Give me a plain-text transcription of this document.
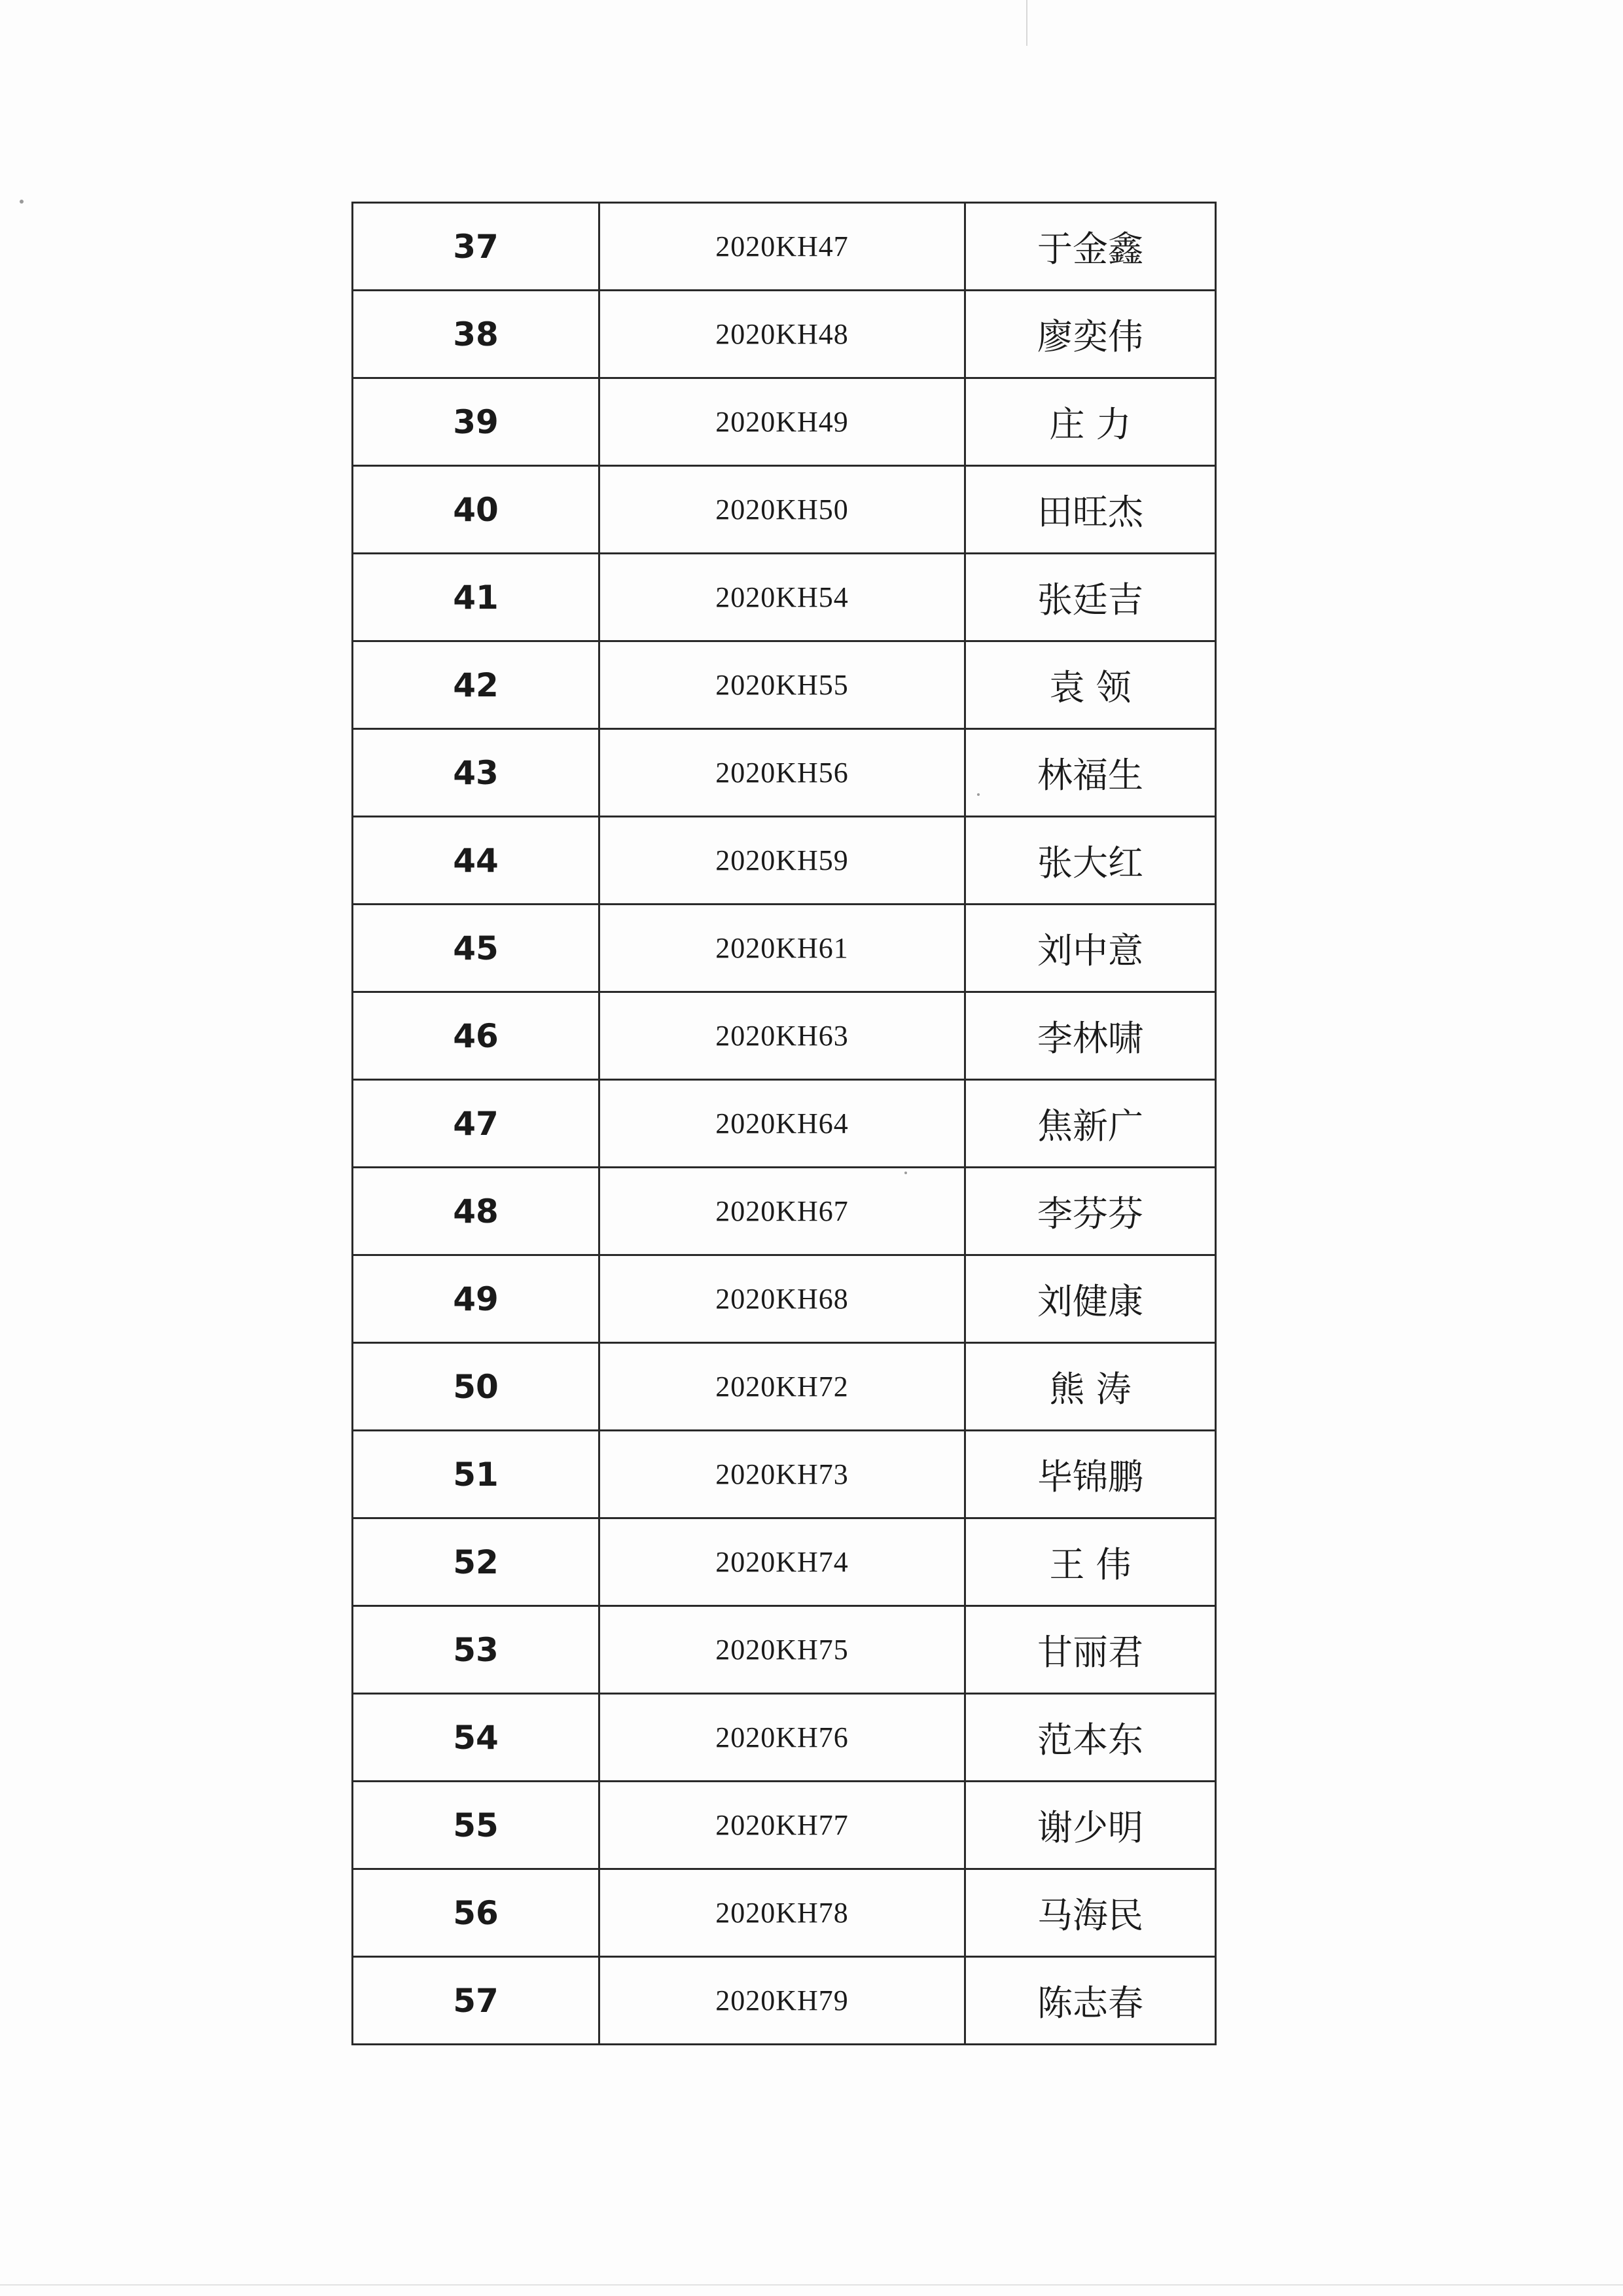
37	2020KH47	于金鑫
38	2020KH48	廖奕伟
39	2020KH49	庄 力
40	2020KH50	田旺杰
41	2020KH54	张廷吉
42	2020KH55	袁 领
43	2020KH56	林福生
44	2020KH59	张大红
45	2020KH61	刘中意
46	2020KH63	李林啸
47	2020KH64	焦新广
48	2020KH67	李芬芬
49	2020KH68	刘健康
50	2020KH72	熊 涛
51	2020KH73	毕锦鹏
52	2020KH74	王 伟
53	2020KH75	甘丽君
54	2020KH76	范本东
55	2020KH77	谢少明
56	2020KH78	马海民
57	2020KH79	陈志春
